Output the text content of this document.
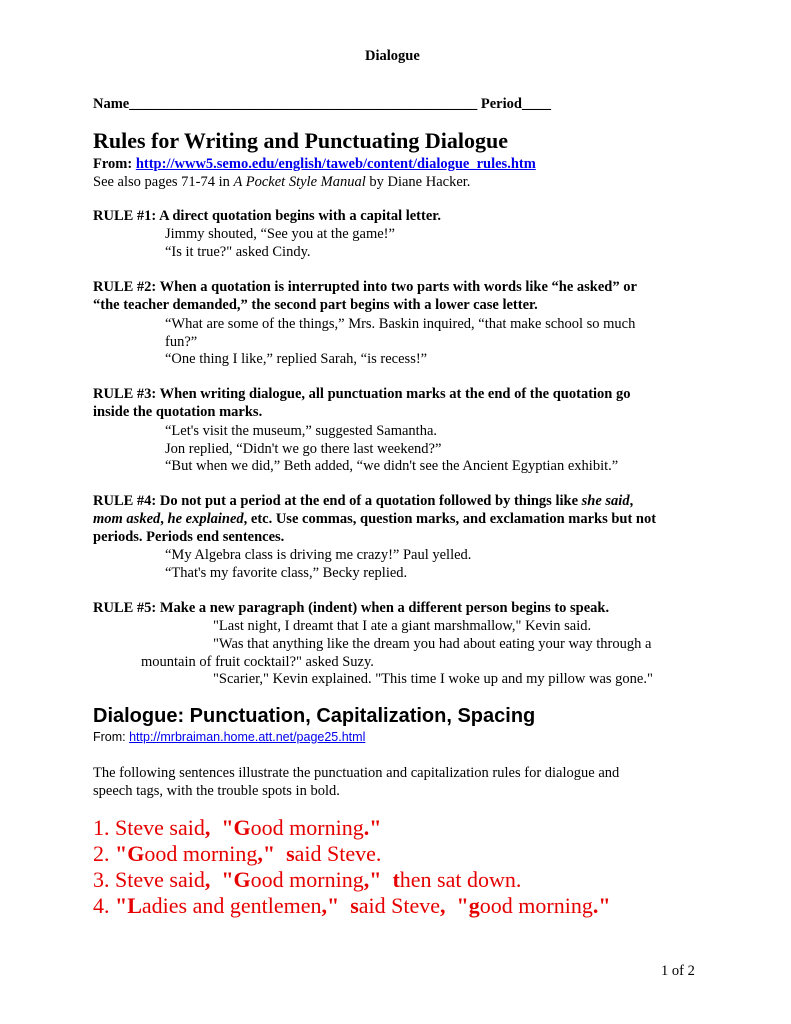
Dialogue
Name________________________________________________ Period____
Rules for Writing and Punctuating Dialogue
From: http://www5.semo.edu/english/taweb/content/dialogue_rules.htm
See also pages 71-74 in A Pocket Style Manual by Diane Hacker.
RULE #1: A direct quotation begins with a capital letter.
Jimmy shouted, “See you at the game!”
“Is it true?" asked Cindy.
RULE #2: When a quotation is interrupted into two parts with words like “he asked” or
“the teacher demanded,” the second part begins with a lower case letter.
“What are some of the things,” Mrs. Baskin inquired, “that make school so much
fun?”
“One thing I like,” replied Sarah, “is recess!”
RULE #3: When writing dialogue, all punctuation marks at the end of the quotation go
inside the quotation marks.
“Let's visit the museum,” suggested Samantha.
Jon replied, “Didn't we go there last weekend?”
“But when we did,” Beth added, “we didn't see the Ancient Egyptian exhibit.”
RULE #4: Do not put a period at the end of a quotation followed by things like she said,
mom asked, he explained, etc. Use commas, question marks, and exclamation marks but not
periods. Periods end sentences.
“My Algebra class is driving me crazy!” Paul yelled.
“That's my favorite class,” Becky replied.
RULE #5: Make a new paragraph (indent) when a different person begins to speak.
"Last night, I dreamt that I ate a giant marshmallow," Kevin said.
"Was that anything like the dream you had about eating your way through a
mountain of fruit cocktail?" asked Suzy.
"Scarier," Kevin explained. "This time I woke up and my pillow was gone."
Dialogue: Punctuation, Capitalization, Spacing
From: http://mrbraiman.home.att.net/page25.html
The following sentences illustrate the punctuation and capitalization rules for dialogue and
speech tags, with the trouble spots in bold.
1. Steve said, "Good morning."
2. "Good morning," said Steve.
3. Steve said, "Good morning," then sat down.
4. "Ladies and gentlemen," said Steve, "good morning."
1 of 2
